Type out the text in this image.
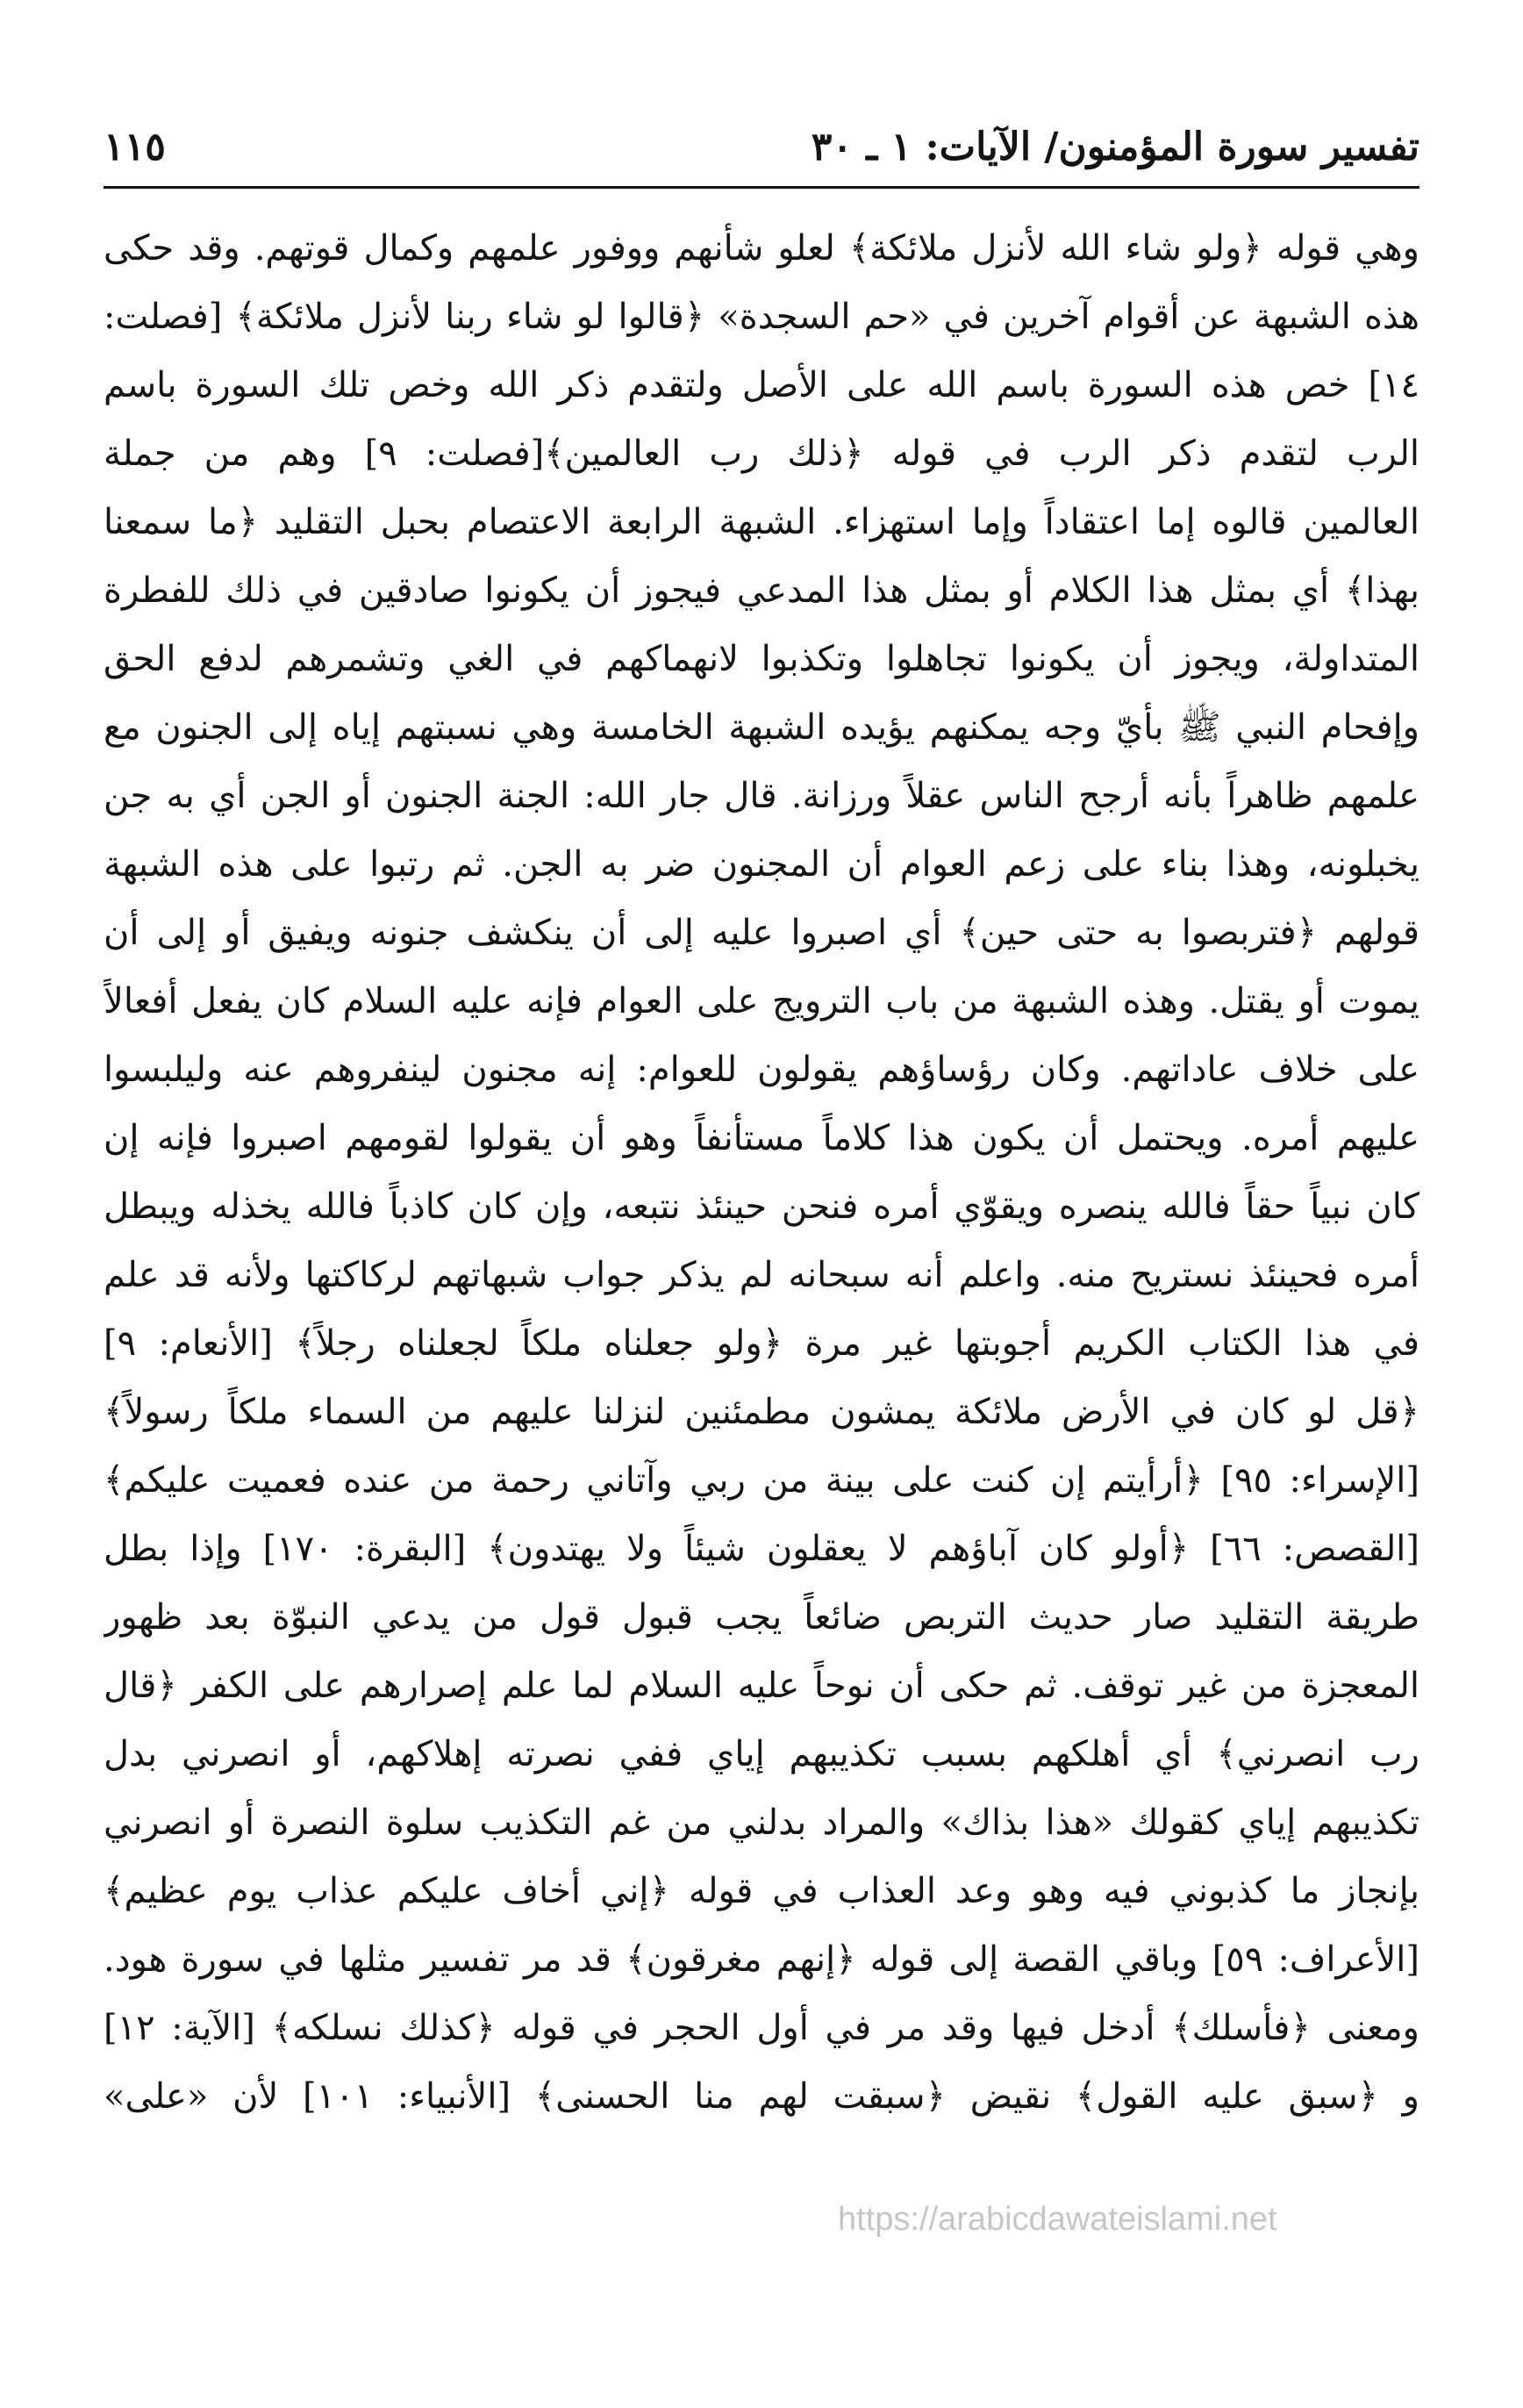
تفسير سورة المؤمنون/ الآيات: ١ ـ ٣٠
١١٥
وهي قوله ﴿ولو شاء الله لأنزل ملائكة﴾ لعلو شأنهم ووفور علمهم وكمال قوتهم. وقد حكى
هذه الشبهة عن أقوام آخرين في «حم السجدة» ﴿قالوا لو شاء ربنا لأنزل ملائكة﴾ [فصلت:
١٤] خص هذه السورة باسم الله على الأصل ولتقدم ذكر الله وخص تلك السورة باسم
الرب لتقدم ذكر الرب في قوله ﴿ذلك رب العالمين﴾[فصلت: ٩] وهم من جملة
العالمين قالوه إما اعتقاداً وإما استهزاء. الشبهة الرابعة الاعتصام بحبل التقليد ﴿ما سمعنا
بهذا﴾ أي بمثل هذا الكلام أو بمثل هذا المدعي فيجوز أن يكونوا صادقين في ذلك للفطرة
المتداولة، ويجوز أن يكونوا تجاهلوا وتكذبوا لانهماكهم في الغي وتشمرهم لدفع الحق
وإفحام النبي ﷺ بأيّ وجه يمكنهم يؤيده الشبهة الخامسة وهي نسبتهم إياه إلى الجنون مع
علمهم ظاهراً بأنه أرجح الناس عقلاً ورزانة. قال جار الله: الجنة الجنون أو الجن أي به جن
يخبلونه، وهذا بناء على زعم العوام أن المجنون ضر به الجن. ثم رتبوا على هذه الشبهة
قولهم ﴿فتربصوا به حتى حين﴾ أي اصبروا عليه إلى أن ينكشف جنونه ويفيق أو إلى أن
يموت أو يقتل. وهذه الشبهة من باب الترويج على العوام فإنه عليه السلام كان يفعل أفعالاً
على خلاف عاداتهم. وكان رؤساؤهم يقولون للعوام: إنه مجنون لينفروهم عنه وليلبسوا
عليهم أمره. ويحتمل أن يكون هذا كلاماً مستأنفاً وهو أن يقولوا لقومهم اصبروا فإنه إن
كان نبياً حقاً فالله ينصره ويقوّي أمره فنحن حينئذ نتبعه، وإن كان كاذباً فالله يخذله ويبطل
أمره فحينئذ نستريح منه. واعلم أنه سبحانه لم يذكر جواب شبهاتهم لركاكتها ولأنه قد علم
في هذا الكتاب الكريم أجوبتها غير مرة ﴿ولو جعلناه ملكاً لجعلناه رجلاً﴾ [الأنعام: ٩]
﴿قل لو كان في الأرض ملائكة يمشون مطمئنين لنزلنا عليهم من السماء ملكاً رسولاً﴾
[الإسراء: ٩٥] ﴿أرأيتم إن كنت على بينة من ربي وآتاني رحمة من عنده فعميت عليكم﴾
[القصص: ٦٦] ﴿أولو كان آباؤهم لا يعقلون شيئاً ولا يهتدون﴾ [البقرة: ١٧٠] وإذا بطل
طريقة التقليد صار حديث التربص ضائعاً يجب قبول قول من يدعي النبوّة بعد ظهور
المعجزة من غير توقف. ثم حكى أن نوحاً عليه السلام لما علم إصرارهم على الكفر ﴿قال
رب انصرني﴾ أي أهلكهم بسبب تكذيبهم إياي ففي نصرته إهلاكهم، أو انصرني بدل
تكذيبهم إياي كقولك «هذا بذاك» والمراد بدلني من غم التكذيب سلوة النصرة أو انصرني
بإنجاز ما كذبوني فيه وهو وعد العذاب في قوله ﴿إني أخاف عليكم عذاب يوم عظيم﴾
[الأعراف: ٥٩] وباقي القصة إلى قوله ﴿إنهم مغرقون﴾ قد مر تفسير مثلها في سورة هود.
ومعنى ﴿فأسلك﴾ أدخل فيها وقد مر في أول الحجر في قوله ﴿كذلك نسلكه﴾ [الآية: ١٢]
و ﴿سبق عليه القول﴾ نقيض ﴿سبقت لهم منا الحسنى﴾ [الأنبياء: ١٠١] لأن «على»
https://arabicdawateislami.net
